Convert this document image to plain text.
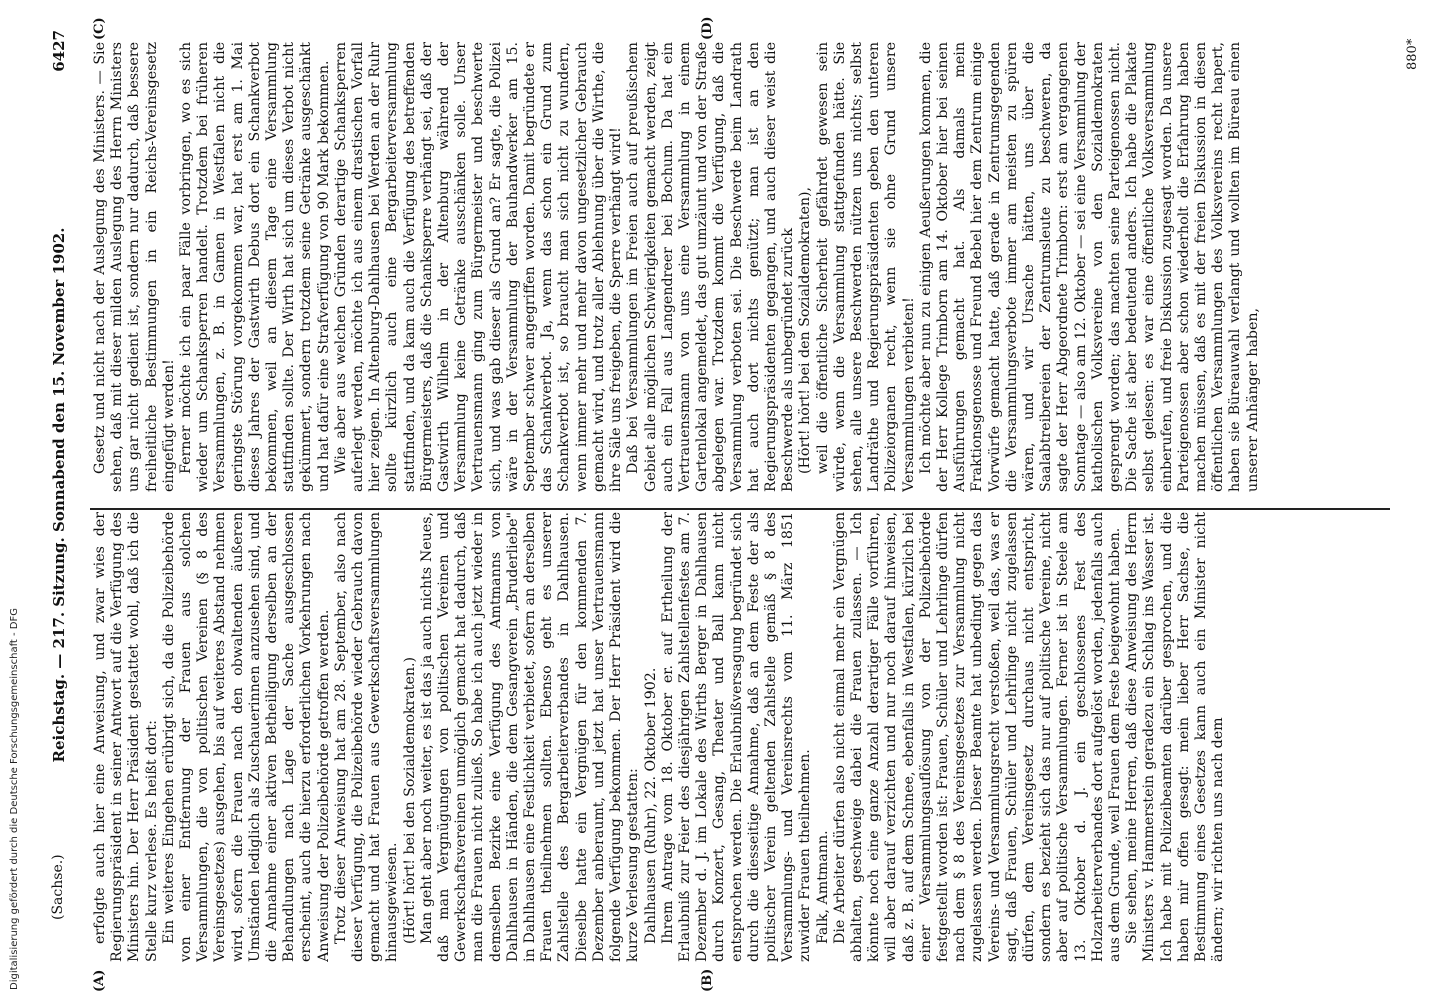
(Sachse.)
Reichstag. — 217. Sitzung. Sonnabend den 15. November 1902.
6427
(A)	(B)
(C)	(D)

erfolgte auch hier eine Anweisung, und zwar wies der Regierungspräsident in seiner Antwort auf die Verfügung des Ministers hin. Der Herr Präsident gestattet wohl, daß ich die Stelle kurz verlese. Es heißt dort: Ein weiteres Eingehen erübrigt sich, da die Polizeibehörde von einer Entfernung der Frauen aus solchen Versammlungen, die von politischen Vereinen (§ 8 des Vereinsgesetzes) ausgehen, bis auf weiteres Abstand nehmen wird, sofern die Frauen nach den obwaltenden äußeren Umständen lediglich als Zuschauerinnen anzusehen sind, und die Annahme einer aktiven Betheiligung derselben an der Behandlungen nach Lage der Sache ausgeschlossen erscheint, auch die hierzu erforderlichen Vorkehrungen nach Anweisung der Polizeibehörde getroffen werden. Trotz dieser Anweisung hat am 28. September, also nach dieser Verfügung, die Polizeibehörde wieder Gebrauch davon gemacht und hat Frauen aus Gewerkschaftsversammlungen hinausgewiesen. (Hört! hört! bei den Sozialdemokraten.) Man geht aber noch weiter, es ist das ja auch nichts Neues, daß man Vergnügungen von politischen Vereinen und Gewerkschaftsvereinen unmöglich gemacht hat dadurch, daß man die Frauen nicht zuließ. So habe ich auch jetzt wieder in demselben Bezirke eine Verfügung des Amtmanns von Dahlhausen in Händen, die dem Gesangverein „Bruderliebe" in Dahlhausen eine Festlichkeit verbietet, sofern an derselben Frauen theilnehmen sollten. Ebenso geht es unserer Zahlstelle des Bergarbeiterverbandes in Dahlhausen. Dieselbe hatte ein Vergnügen für den kommenden 7. Dezember anberaumt, und jetzt hat unser Vertrauensmann folgende Verfügung bekommen. Der Herr Präsident wird die kurze Verlesung gestatten: Dahlhausen (Ruhr), 22. Oktober 1902. Ihrem Antrage vom 18. Oktober er. auf Ertheilung der Erlaubniß zur Feier des diesjährigen Zahlstellenfestes am 7. Dezember d. J. im Lokale des Wirths Berger in Dahlhausen durch Konzert, Gesang, Theater und Ball kann nicht entsprochen werden. Die Erlaubnißversagung begründet sich durch die diesseitige Annahme, daß an dem Feste der als politischer Verein geltenden Zahlstelle gemäß § 8 des Versammlungs- und Vereinsrechts vom 11. März 1851 zuwider Frauen theilnehmen. Falk, Amtmann. Die Arbeiter dürfen also nicht einmal mehr ein Vergnügen abhalten, geschweige dabei die Frauen zulassen. — Ich könnte noch eine ganze Anzahl derartiger Fälle vorführen, will aber darauf verzichten und nur noch darauf hinweisen, daß z. B. auf dem Schnee, ebenfalls in Westfalen, kürzlich bei einer Versammlungsauflösung von der Polizeibehörde festgestellt worden ist: Frauen, Schüler und Lehrlinge dürfen nach dem § 8 des Vereinsgesetzes zur Versammlung nicht zugelassen werden. Dieser Beamte hat unbedingt gegen das Vereins- und Versammlungsrecht verstoßen, weil das, was er sagt, daß Frauen, Schüler und Lehrlinge nicht zugelassen dürfen, dem Vereinsgesetz durchaus nicht entspricht, sondern es bezieht sich das nur auf politische Vereine, nicht aber auf politische Versammlungen. Ferner ist in Steele am 13. Oktober d. J. ein geschlossenes Fest des Holzarbeiterverbandes dort aufgelöst worden, jedenfalls auch aus dem Grunde, weil Frauen dem Feste beigewohnt haben. Sie sehen, meine Herren, daß diese Anweisung des Herrn Ministers v. Hammerstein geradezu ein Schlag ins Wasser ist. Ich habe mit Polizeibeamten darüber gesprochen, und die haben mir offen gesagt: mein lieber Herr Sachse, die Bestimmung eines Gesetzes kann auch ein Minister nicht ändern; wir richten uns nach dem

Gesetz und nicht nach der Auslegung des Ministers. — Sie sehen, daß mit dieser milden Auslegung des Herrn Ministers uns gar nicht gedient ist, sondern nur dadurch, daß bessere freiheitliche Bestimmungen in ein Reichs-Vereinsgesetz eingefügt werden! Ferner möchte ich ein paar Fälle vorbringen, wo es sich wieder um Schanksperren handelt. Trotzdem bei früheren Versammlungen, z. B. in Gamen in Westfalen nicht die geringste Störung vorgekommen war, hat erst am 1. Mai dieses Jahres der Gastwirth Debus dort ein Schankverbot bekommen, weil an diesem Tage eine Versammlung stattfinden sollte. Der Wirth hat sich um dieses Verbot nicht gekümmert, sondern trotzdem seine Getränke ausgeschänkt und hat dafür eine Strafverfügung von 90 Mark bekommen. Wie aber aus welchen Gründen derartige Schanksperren auferlegt werden, möchte ich aus einem drastischen Vorfall hier zeigen. In Altenburg-Dahlhausen bei Werden an der Ruhr sollte kürzlich auch eine Bergarbeiterversammlung stattfinden, und da kam auch die Verfügung des betreffenden Bürgermeisters, daß die Schanksperre verhängt sei, daß der Gastwirth Wilhelm in der Altenburg während der Versammlung keine Getränke ausschänken solle. Unser Vertrauensmann ging zum Bürgermeister und beschwerte sich, und was gab dieser als Grund an? Er sagte, die Polizei wäre in der Versammlung der Bauhandwerker am 15. September schwer angegriffen worden. Damit begründete er das Schankverbot. Ja, wenn das schon ein Grund zum Schankverbot ist, so braucht man sich nicht zu wundern, wenn immer mehr und mehr davon ungesetzlicher Gebrauch gemacht wird, und trotz aller Ablehnung über die Wirthe, die ihre Säle uns freigeben, die Sperre verhängt wird! Daß bei Versammlungen im Freien auch auf preußischem Gebiet alle möglichen Schwierigkeiten gemacht werden, zeigt auch ein Fall aus Langendreer bei Bochum. Da hat ein Vertrauensmann von uns eine Versammlung in einem Gartenlokal angemeldet, das gut umzäunt und von der Straße abgelegen war. Trotzdem kommt die Verfügung, daß die Versammlung verboten sei. Die Beschwerde beim Landrath hat auch dort nichts genützt; man ist an den Regierungspräsidenten gegangen, und auch dieser weist die Beschwerde als unbegründet zurück (Hört! hört! bei den Sozialdemokraten), weil die öffentliche Sicherheit gefährdet gewesen sein würde, wenn die Versammlung stattgefunden hätte. Sie sehen, alle unsere Beschwerden nützen uns nichts; selbst Landräthe und Regierungspräsidenten geben den unteren Polizeiorganen recht, wenn sie ohne Grund unsere Versammlungen verbieten! Ich möchte aber nun zu einigen Aeußerungen kommen, die der Herr Kollege Trimborn am 14. Oktober hier bei seinen Ausführungen gemacht hat. Als damals mein Fraktionsgenosse und Freund Bebel hier dem Zentrum einige Vorwürfe gemacht hatte, daß gerade in Zentrumsgegenden die Versammlungsverbote immer am meisten zu spüren wären, und wir Ursache hätten, uns über die Saalabtreibereien der Zentrumsleute zu beschweren, da sagte der Herr Abgeordnete Trimborn: erst am vergangenen Sonntage — also am 12. Oktober — sei eine Versammlung der katholischen Volksvereine von den Sozialdemokraten gesprengt worden; das machten seine Parteigenossen nicht. Die Sache ist aber bedeutend anders. Ich habe die Plakate selbst gelesen: es war eine öffentliche Volksversammlung einberufen, und freie Diskussion zugesagt worden. Da unsere Parteigenossen aber schon wiederholt die Erfahrung haben machen müssen, daß es mit der freien Diskussion in diesen öffentlichen Versammlungen des Volksvereins recht hapert, haben sie Büreauwahl verlangt und wollten im Büreau einen unserer Anhänger haben,

880*
Digitalisierung gefördert durch die Deutsche Forschungsgemeinschaft - DFG
